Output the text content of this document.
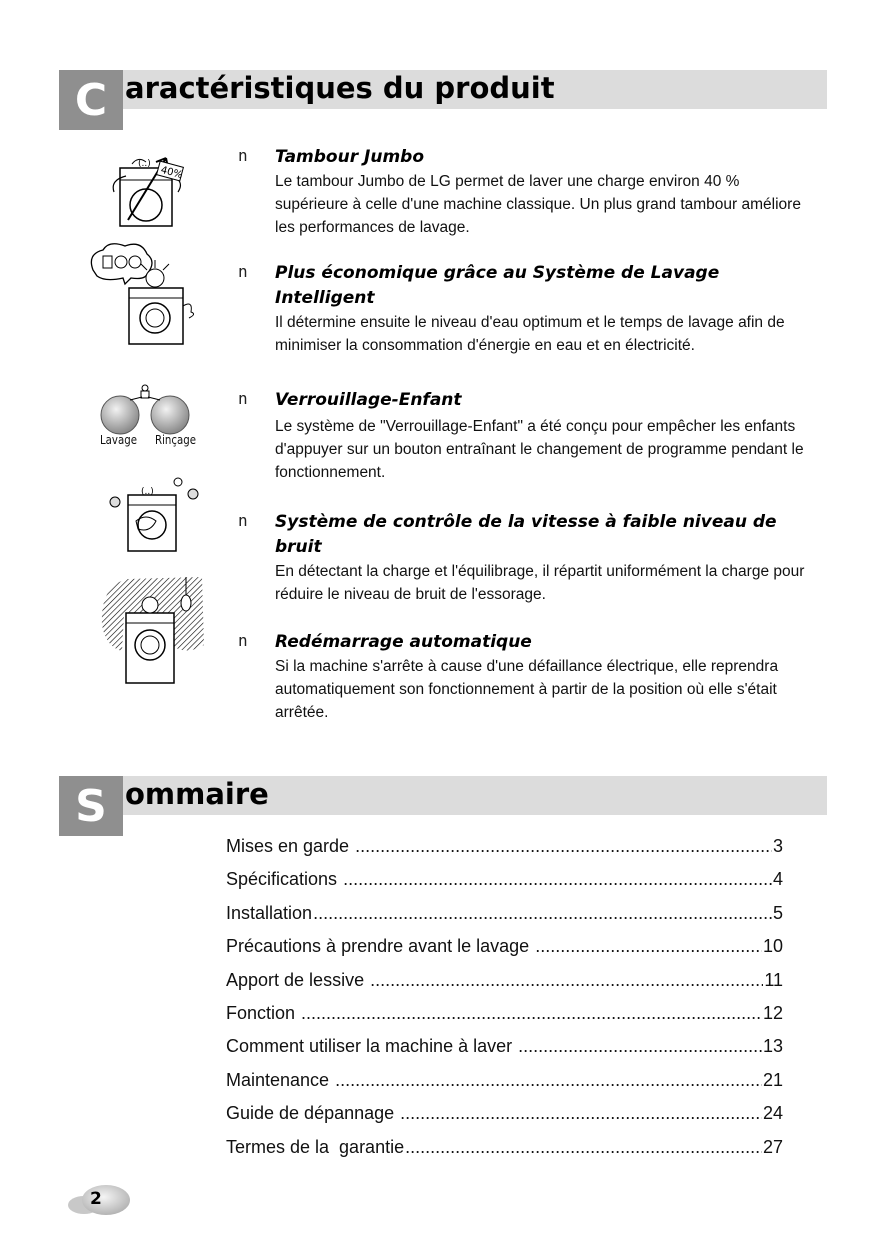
C aractéristiques du produit
(..)
40%
Lavage Rinçage
(..)
n Tambour Jumbo
Le tambour Jumbo de LG permet de laver une charge environ 40 % supérieure à celle d'une machine classique. Un plus grand tambour améliore les performances de lavage.
n Plus économique grâce au Système de Lavage Intelligent
Il détermine ensuite le niveau d'eau optimum et le temps de lavage afin de minimiser la consommation d'énergie en eau et en électricité.
n Verrouillage-Enfant
Le système de "Verrouillage-Enfant" a été conçu pour empêcher les enfants d'appuyer sur un bouton entraînant le changement de programme pendant le fonctionnement.
n Système de contrôle de la vitesse à faible niveau de bruit
En détectant la charge et l'équilibrage, il répartit uniformément la charge pour réduire le niveau de bruit de l'essorage.
n Redémarrage automatique
Si la machine s'arrête à cause d'une défaillance électrique, elle reprendra automatiquement son fonctionnement à partir de la position où elle s'était arrêtée.
S ommaire
Mises en garde .....	3
Spécifications .....	4
Installation .....	5
Précautions à prendre avant le lavage .....	10
Apport de lessive .....	11
Fonction .....	12
Comment utiliser la machine à laver .....	13
Maintenance .....	21
Guide de dépannage .....	24
Termes de la  garantie .....	27
2
